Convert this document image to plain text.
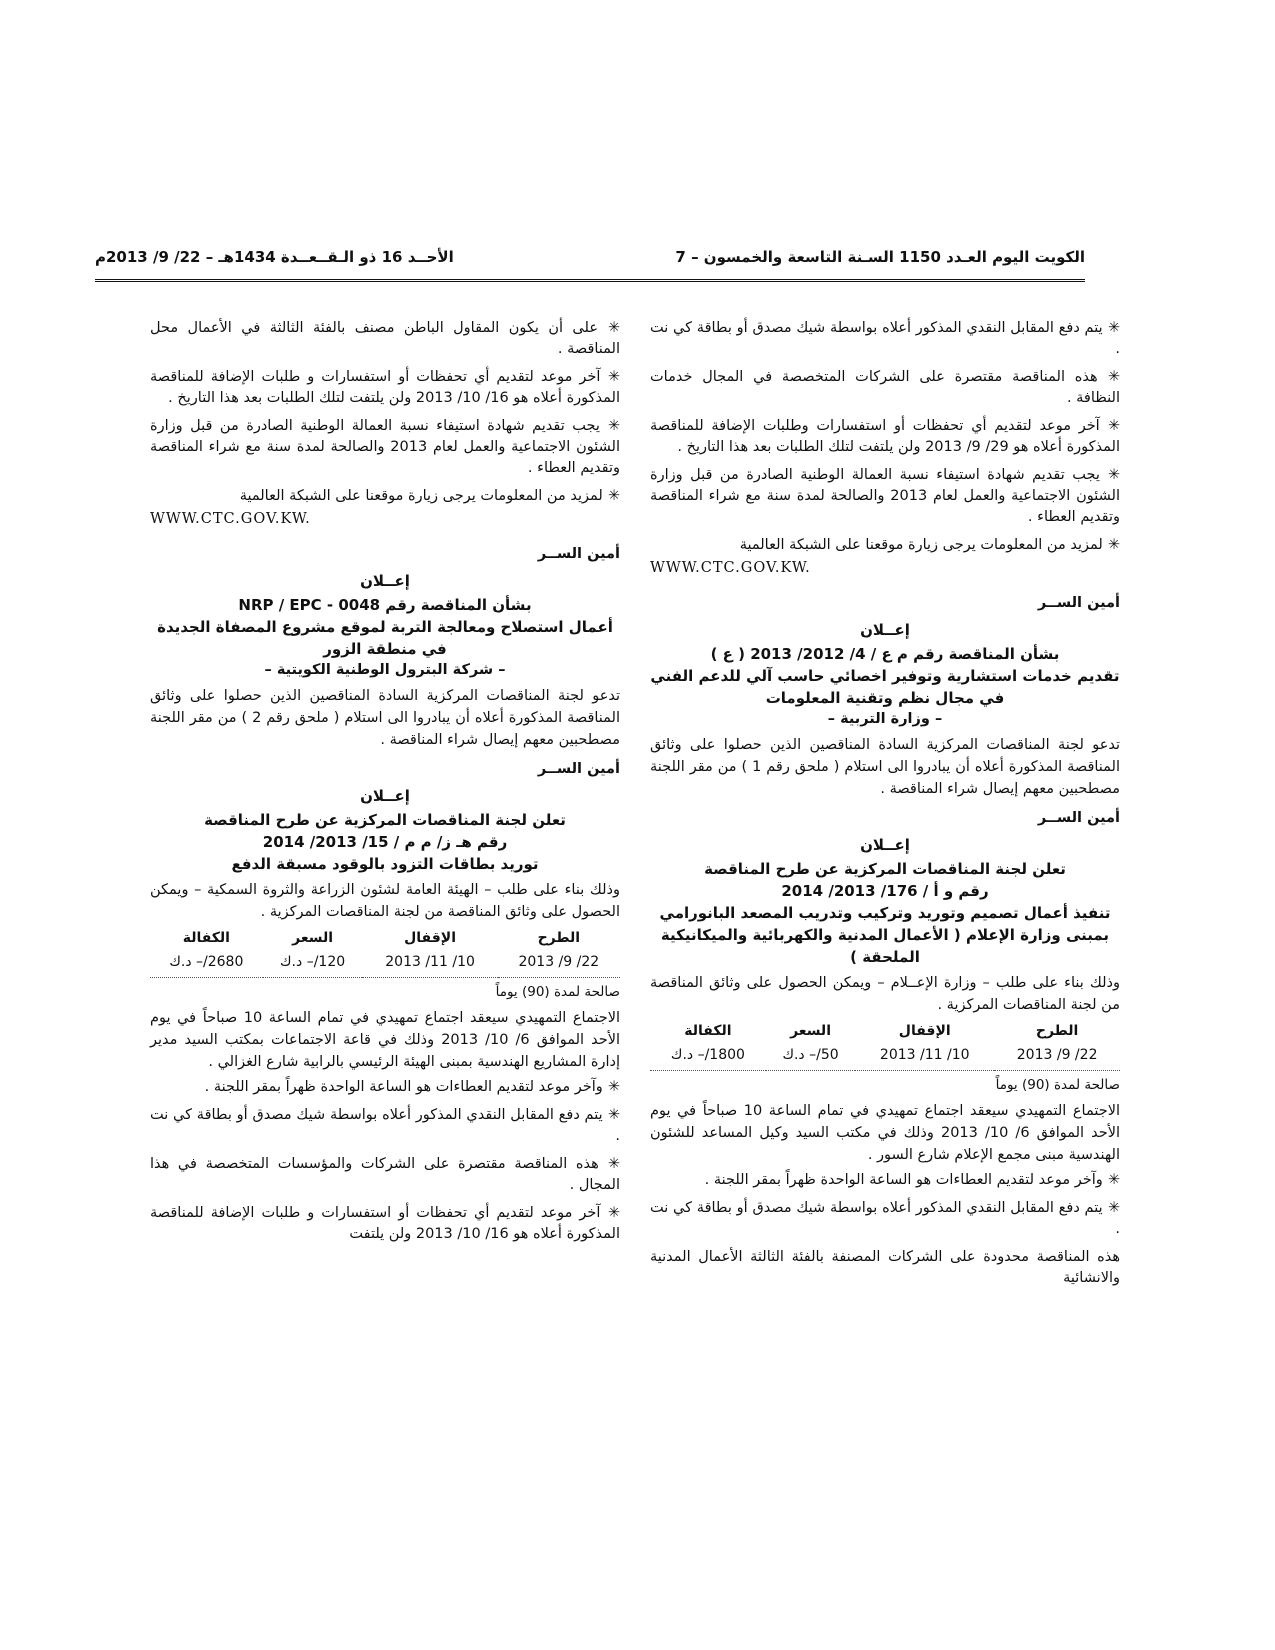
الكويت اليوم العـدد 1150 السـنة التاسعة والخمسون – 7
الأحــد 16 ذو الـقــعــدة 1434هـ – 22/ 9/ 2013م

✳ يتم دفع المقابل النقدي المذكور أعلاه بواسطة شيك مصدق أو بطاقة كي نت .

✳ هذه المناقصة مقتصرة على الشركات المتخصصة في المجال خدمات النظافة .

✳ آخر موعد لتقديم أي تحفظات أو استفسارات وطلبات الإضافة للمناقصة المذكورة أعلاه هو 29/ 9/ 2013 ولن يلتفت لتلك الطلبات بعد هذا التاريخ .

✳ يجب تقديم شهادة استيفاء نسبة العمالة الوطنية الصادرة من قبل وزارة الشئون الاجتماعية والعمل لعام 2013 والصالحة لمدة سنة مع شراء المناقصة وتقديم العطاء .

✳ لمزيد من المعلومات يرجى زيارة موقعنا على الشبكة العالمية

WWW.CTC.GOV.KW.

أمين الســر

إعــلان

بشأن المناقصة رقم م ع / 4/ 2012/ 2013 ( ع )

تقديم خدمات استشارية وتوفير اخصائي حاسب آلي للدعم الفني في مجال نظم وتقنية المعلومات

– وزارة التربية –

تدعو لجنة المناقصات المركزية السادة المناقصين الذين حصلوا على وثائق المناقصة المذكورة أعلاه أن يبادروا الى استلام ( ملحق رقم 1 ) من مقر اللجنة مصطحبين معهم إيصال شراء المناقصة .

أمين الســر

إعــلان

تعلن لجنة المناقصات المركزية عن طرح المناقصة

رقم و أ / 176/ 2013/ 2014

تنفيذ أعمال تصميم وتوريد وتركيب وتدريب المصعد البانورامي بمبنى وزارة الإعلام ( الأعمال المدنية والكهربائية والميكانيكية الملحقة )

وذلك بناء على طلب – وزارة الإعــلام – ويمكن الحصول على وثائق المناقصة من لجنة المناقصات المركزية .

الطرح	الإقفال	السعر	الكفالة
22/ 9/ 2013	10/ 11/ 2013	50/– د.ك	1800/– د.ك

صالحة لمدة (90) يوماً

الاجتماع التمهيدي سيعقد اجتماع تمهيدي في تمام الساعة 10 صباحاً في يوم الأحد الموافق 6/ 10/ 2013 وذلك في مكتب السيد وكيل المساعد للشئون الهندسية مبنى مجمع الإعلام شارع السور .

✳ وآخر موعد لتقديم العطاءات هو الساعة الواحدة ظهراً بمقر اللجنة .

✳ يتم دفع المقابل النقدي المذكور أعلاه بواسطة شيك مصدق أو بطاقة كي نت .

هذه المناقصة محدودة على الشركات المصنفة بالفئة الثالثة الأعمال المدنية والانشائية

✳ على أن يكون المقاول الباطن مصنف بالفئة الثالثة في الأعمال محل المناقصة .

✳ آخر موعد لتقديم أي تحفظات أو استفسارات و طلبات الإضافة للمناقصة المذكورة أعلاه هو 16/ 10/ 2013 ولن يلتفت لتلك الطلبات بعد هذا التاريخ .

✳ يجب تقديم شهادة استيفاء نسبة العمالة الوطنية الصادرة من قبل وزارة الشئون الاجتماعية والعمل لعام 2013 والصالحة لمدة سنة مع شراء المناقصة وتقديم العطاء .

✳ لمزيد من المعلومات يرجى زيارة موقعنا على الشبكة العالمية

WWW.CTC.GOV.KW.

أمين الســر

إعــلان

بشأن المناقصة رقم NRP / EPC - 0048

أعمال استصلاح ومعالجة التربة لموقع مشروع المصفاة الجديدة في منطقة الزور

– شركة البترول الوطنية الكويتية –

تدعو لجنة المناقصات المركزية السادة المناقصين الذين حصلوا على وثائق المناقصة المذكورة أعلاه أن يبادروا الى استلام ( ملحق رقم 2 ) من مقر اللجنة مصطحبين معهم إيصال شراء المناقصة .

أمين الســر

إعــلان

تعلن لجنة المناقصات المركزية عن طرح المناقصة

رقم هـ ز/ م م / 15/ 2013/ 2014

توريد بطاقات التزود بالوقود مسبقة الدفع

وذلك بناء على طلب – الهيئة العامة لشئون الزراعة والثروة السمكية – ويمكن الحصول على وثائق المناقصة من لجنة المناقصات المركزية .

الطرح	الإقفال	السعر	الكفالة
22/ 9/ 2013	10/ 11/ 2013	120/– د.ك	2680/– د.ك

صالحة لمدة (90) يوماً

الاجتماع التمهيدي سيعقد اجتماع تمهيدي في تمام الساعة 10 صباحاً في يوم الأحد الموافق 6/ 10/ 2013 وذلك في قاعة الاجتماعات بمكتب السيد مدير إدارة المشاريع الهندسية بمبنى الهيئة الرئيسي بالرابية شارع الغزالي .

✳ وآخر موعد لتقديم العطاءات هو الساعة الواحدة ظهراً بمقر اللجنة .

✳ يتم دفع المقابل النقدي المذكور أعلاه بواسطة شيك مصدق أو بطاقة كي نت .

✳ هذه المناقصة مقتصرة على الشركات والمؤسسات المتخصصة في هذا المجال .

✳ آخر موعد لتقديم أي تحفظات أو استفسارات و طلبات الإضافة للمناقصة المذكورة أعلاه هو 16/ 10/ 2013 ولن يلتفت
